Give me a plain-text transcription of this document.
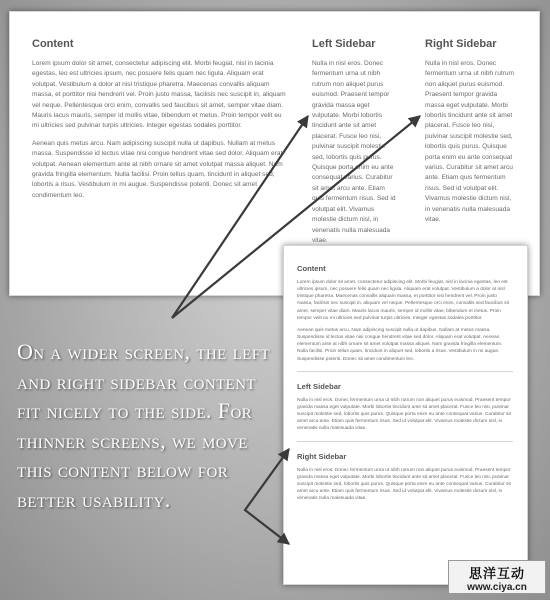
Content

Lorem ipsum dolor sit amet, consectetur adipiscing elit. Morbi feugiat, nisl in lacinia egestas, leo est ultricies ipsum, nec posuere felis quam nec ligula. Aliquam erat volutpat. Vestibulum a dolor at nisl tristique pharetra. Maecenas convallis aliquam massa, et porttitor nisi hendrerit vel. Proin justo massa, facilisis nec suscipit in, aliquam vel neque. Pellentesque orci enim, convallis sed faucibus sit amet, semper vitae diam. Mauris lacus mauris, semper id mollis vitae, bibendum et metus. Proin tempor velit eu mi ultricies sed pulvinar turpis ultricies. Integer egestas sodales porttitor.

Aenean quis metus arcu. Nam adipiscing suscipit nulla ut dapibus. Nullam at metus massa. Suspendisse id lectus vitae nisi congue hendrerit vitae sed dolor. Aliquam erat volutpat. Aenean elementum ante at nibh ornare sit amet volutpat massa aliquet. Nam gravida fringilla elementum. Nulla facilisi. Proin tellus quam, tincidunt in aliquet sed, lobortis a risus. Vestibulum in mi augue. Suspendisse potenti. Donec sit amet condimentum leo.

Left Sidebar

Nulla in nisl eros. Donec fermentum urna ut nibh rutrum non aliquet purus euismod. Praesent tempor gravida massa eget vulputate. Morbi lobortis tincidunt ante sit amet placerat. Fusce leo nisi, pulvinar suscipit molestie sed, lobortis quis purus. Quisque porta enim eu ante consequat varius. Curabitur sit amet arcu ante. Etiam quis fermentum risus. Sed id volutpat elit. Vivamus molestie dictum nisl, in venenatis nulla malesuada vitae.

Right Sidebar

Nulla in nisl eros. Donec fermentum urna ut nibh rutrum non aliquet purus euismod. Praesent tempor gravida massa eget vulputate. Morbi lobortis tincidunt ante sit amet placerat. Fusce leo nisi, pulvinar suscipit molestie sed, lobortis quis purus. Quisque porta enim eu ante consequat varius. Curabitur sit amet arcu ante. Etiam quis fermentum risus. Sed id volutpat elit. Vivamus molestie dictum nisl, in venenatis nulla malesuada vitae.

Content

Lorem ipsum dolor sit amet, consectetur adipiscing elit. Morbi feugiat, nisl in lacinia egestas, leo est ultricies ipsum, nec posuere felis quam nec ligula. Aliquam erat volutpat. Vestibulum a dolor at nisl tristique pharetra. Maecenas convallis aliquam massa, et porttitor nisi hendrerit vel. Proin justo massa, facilisis nec suscipit in, aliquam vel neque. Pellentesque orci enim, convallis sed faucibus sit amet, semper vitae diam. Mauris lacus mauris, semper id mollis vitae, bibendum et metus. Proin tempor velit eu mi ultricies sed pulvinar turpis ultricies. Integer egestas sodales porttitor.

Aenean quis metus arcu. Nam adipiscing suscipit nulla ut dapibus. Nullam at metus massa. Suspendisse id lectus vitae nisi congue hendrerit vitae sed dolor. Aliquam erat volutpat. Aenean elementum ante at nibh ornare sit amet volutpat massa aliquet. Nam gravida fringilla elementum. Nulla facilisi. Proin tellus quam, tincidunt in aliquet sed, lobortis a risus. Vestibulum in mi augue. Suspendisse potenti. Donec sit amet condimentum leo.

Left Sidebar

Nulla in nisl eros. Donec fermentum urna ut nibh rutrum non aliquet purus euismod. Praesent tempor gravida massa eget vulputate. Morbi lobortis tincidunt ante sit amet placerat. Fusce leo nisi, pulvinar suscipit molestie sed, lobortis quis purus. Quisque porta enim eu ante consequat varius. Curabitur sit amet arcu ante. Etiam quis fermentum risus. Sed id volutpat elit. Vivamus molestie dictum nisl, in venenatis nulla malesuada vitae.

Right Sidebar

Nulla in nisl eros. Donec fermentum urna ut nibh rutrum non aliquet purus euismod. Praesent tempor gravida massa eget vulputate. Morbi lobortis tincidunt ante sit amet placerat. Fusce leo nisi, pulvinar suscipit molestie sed, lobortis quis purus. Quisque porta enim eu ante consequat varius. Curabitur sit amet arcu ante. Etiam quis fermentum risus. Sed id volutpat elit. Vivamus molestie dictum nisl, in venenatis nulla malesuada vitae.

On a wider screen, the left and right sidebar content fit nicely to the side. For thinner screens, we move this content below for better usability.
思洋互动
www.ciya.cn
